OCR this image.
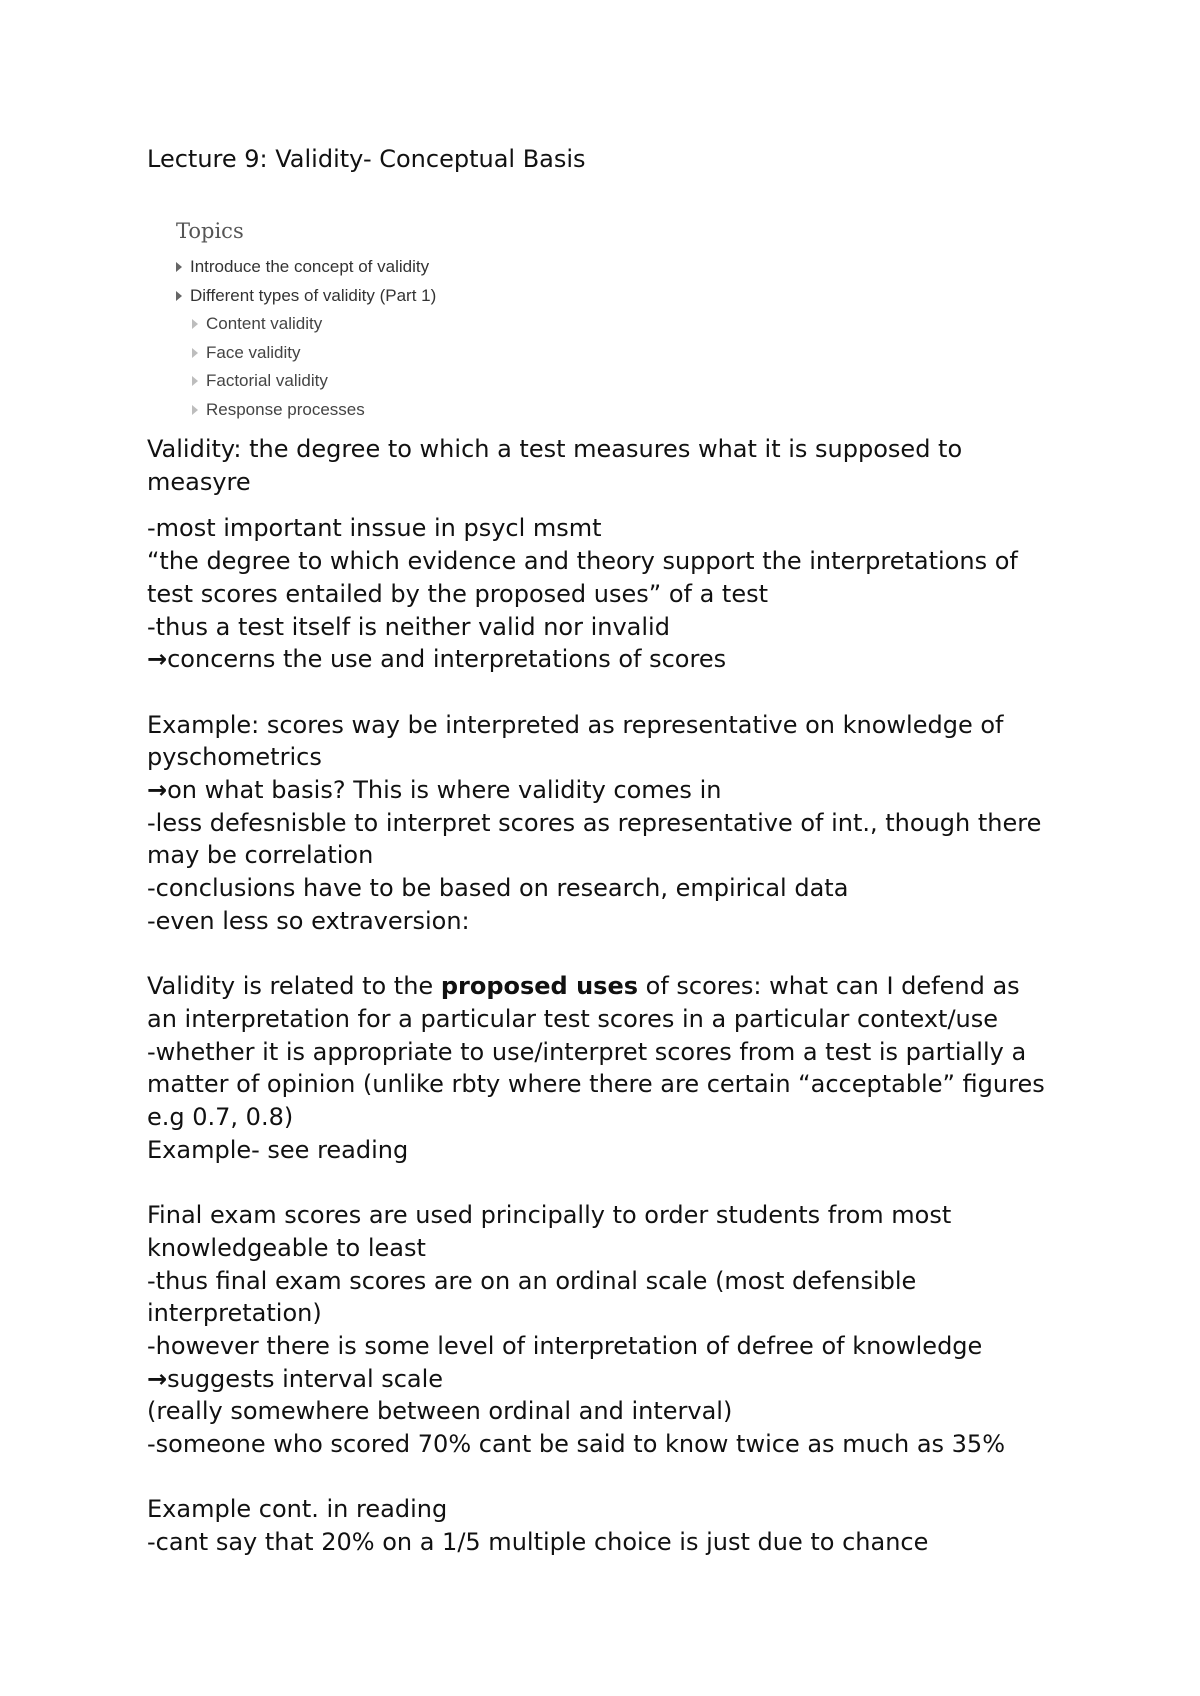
Lecture 9: Validity- Conceptual Basis
Topics
Introduce the concept of validity
Different types of validity (Part 1)
Content validity
Face validity
Factorial validity
Response processes

Validity: the degree to which a test measures what it is supposed to
measyre

-most important inssue in psycl msmt
“the degree to which evidence and theory support the interpretations of
test scores entailed by the proposed uses” of a test
-thus a test itself is neither valid nor invalid
→concerns the use and interpretations of scores

Example: scores way be interpreted as representative on knowledge of
pyschometrics
→on what basis? This is where validity comes in
-less defesnisble to interpret scores as representative of int., though there
may be correlation
-conclusions have to be based on research, empirical data
-even less so extraversion:

Validity is related to the proposed uses of scores: what can I defend as
an interpretation for a particular test scores in a particular context/use
-whether it is appropriate to use/interpret scores from a test is partially a
matter of opinion (unlike rbty where there are certain “acceptable” figures
e.g 0.7, 0.8)
Example- see reading

Final exam scores are used principally to order students from most
knowledgeable to least
-thus final exam scores are on an ordinal scale (most defensible
interpretation)
-however there is some level of interpretation of defree of knowledge
→suggests interval scale
(really somewhere between ordinal and interval)
-someone who scored 70% cant be said to know twice as much as 35%

Example cont. in reading
-cant say that 20% on a 1/5 multiple choice is just due to chance
